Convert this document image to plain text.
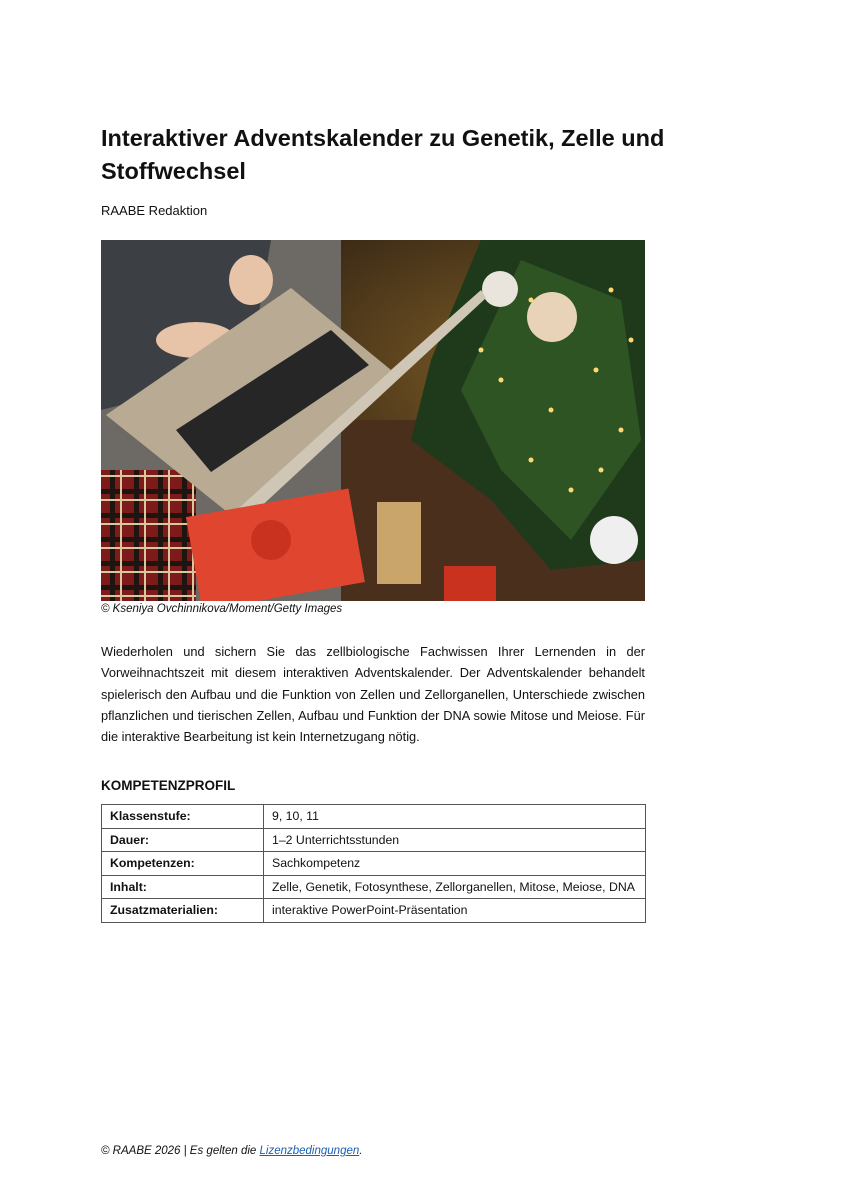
Interaktiver Adventskalender zu Genetik, Zelle und Stoffwechsel
RAABE Redaktion
© Kseniya Ovchinnikova/Moment/Getty Images

Wiederholen und sichern Sie das zellbiologische Fachwissen Ihrer Lernenden in der Vorweihnachtszeit mit diesem interaktiven Adventskalender. Der Adventskalender behandelt spielerisch den Aufbau und die Funktion von Zellen und Zellorganellen, Unterschiede zwischen pflanzlichen und tierischen Zellen, Aufbau und Funktion der DNA sowie Mitose und Meiose. Für die interaktive Bearbeitung ist kein Internetzugang nötig.

KOMPETENZPROFIL
Klassenstufe:	9, 10, 11
Dauer:	1–2 Unterrichtsstunden
Kompetenzen:	Sachkompetenz
Inhalt:	Zelle, Genetik, Fotosynthese, Zellorganellen, Mitose, Meiose, DNA
Zusatzmaterialien:	interaktive PowerPoint-Präsentation
© RAABE 2026 | Es gelten die Lizenzbedingungen.
